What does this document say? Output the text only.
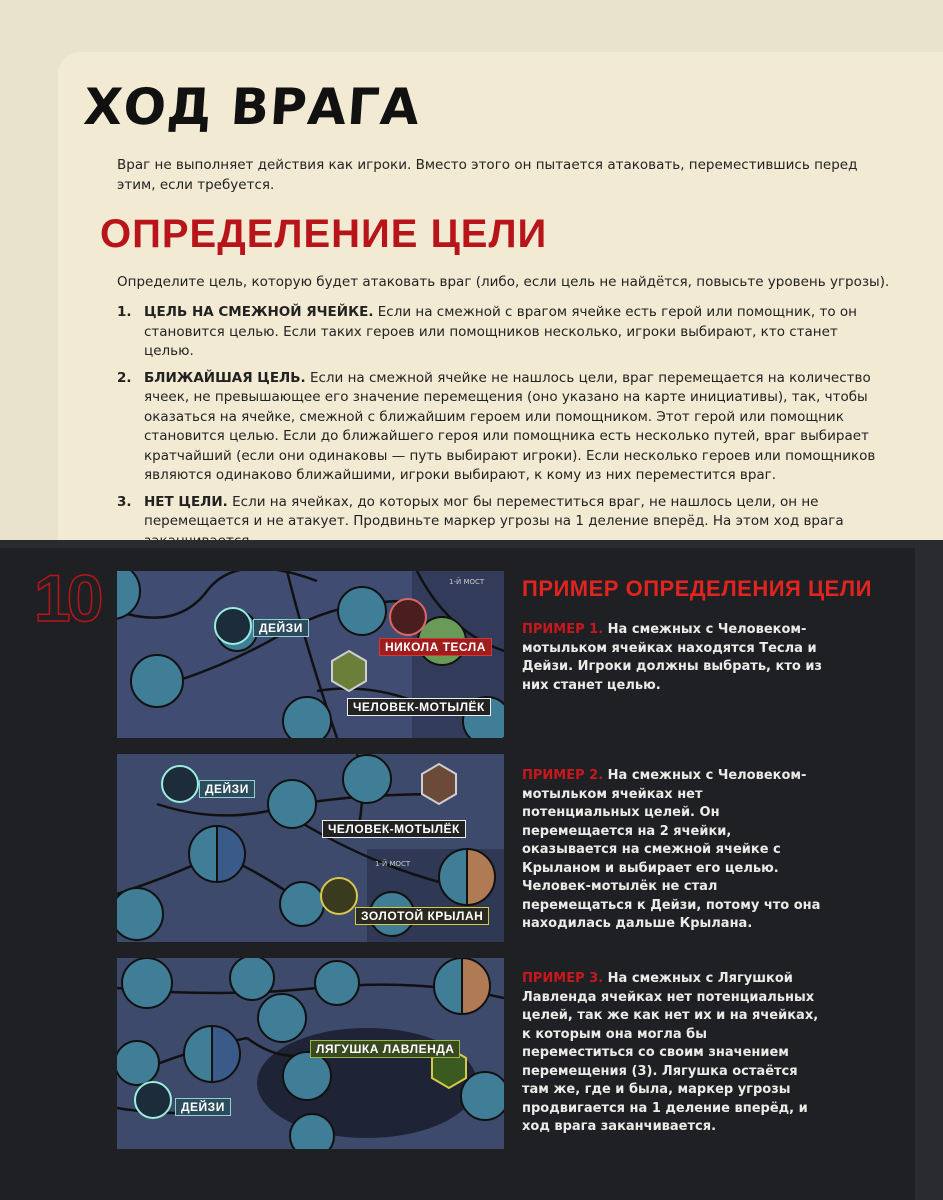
ХОД ВРАГА
Враг не выполняет действия как игроки. Вместо этого он пытается атаковать, переместившись перед этим, если требуется.
ОПРЕДЕЛЕНИЕ ЦЕЛИ
Определите цель, которую будет атаковать враг (либо, если цель не найдётся, повысьте уровень угрозы).
1. ЦЕЛЬ НА СМЕЖНОЙ ЯЧЕЙКЕ. Если на смежной с врагом ячейке есть герой или помощник, то он становится целью. Если таких героев или помощников несколько, игроки выбирают, кто станет целью.
2. БЛИЖАЙШАЯ ЦЕЛЬ. Если на смежной ячейке не нашлось цели, враг перемещается на количество ячеек, не превышающее его значение перемещения (оно указано на карте инициативы), так, чтобы оказаться на ячейке, смежной с ближайшим героем или помощником. Этот герой или помощник становится целью. Если до ближайшего героя или помощника есть несколько путей, враг выбирает кратчайший (если они одинаковы — путь выбирают игроки). Если несколько героев или помощников являются одинаково ближайшими, игроки выбирают, к кому из них переместится враг.
3. НЕТ ЦЕЛИ. Если на ячейках, до которых мог бы переместиться враг, не нашлось цели, он не перемещается и не атакует. Продвиньте маркер угрозы на 1 деление вперёд. На этом ход врага
10	ДЕЙЗИ
НИКОЛА ТЕСЛА
ЧЕЛОВЕК-МОТЫЛЁК
1-Й МОСТ
ДЕЙЗИ
ЧЕЛОВЕК-МОТЫЛЁК
ЗОЛОТОЙ КРЫЛАН
1-Й МОСТ
ЛЯГУШКА ЛАВЛЕНДА
ДЕЙЗИ
ПРИМЕР ОПРЕДЕЛЕНИЯ ЦЕЛИ
ПРИМЕР 1. На смежных с Человеком-мотыльком ячейках находятся Тесла и Дейзи. Игроки должны выбрать, кто из них станет целью.
ПРИМЕР 2. На смежных с Человеком-мотыльком ячейках нет потенциальных целей. Он перемещается на 2 ячейки, оказывается на смежной ячейке с Крыланом и выбирает его целью. Человек-мотылёк не стал перемещаться к Дейзи, потому что она находилась дальше Крылана.
ПРИМЕР 3. На смежных с Лягушкой Лавленда ячейках нет потенциальных целей, так же как нет их и на ячейках, к которым она могла бы переместиться со своим значением перемещения (3). Лягушка остаётся там же, где и была, маркер угрозы продвигается на 1 деление вперёд, и ход врага заканчивается.
